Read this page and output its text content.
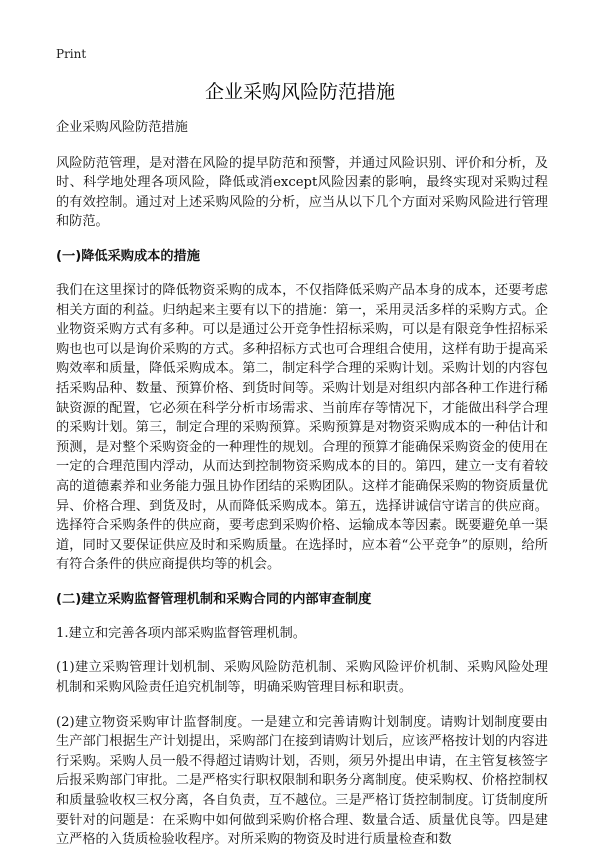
Print
企业采购风险防范措施

企业采购风险防范措施

风险防范管理，是对潜在风险的提早防范和预警，并通过风险识别、评价和分析，及时、科学地处理各项风险，降低或消except风险因素的影响，最终实现对采购过程的有效控制。通过对上述采购风险的分析，应当从以下几个方面对采购风险进行管理和防范。

(一)降低采购成本的措施

我们在这里探讨的降低物资采购的成本，不仅指降低采购产品本身的成本，还要考虑相关方面的利益。归纳起来主要有以下的措施：第一，采用灵活多样的采购方式。企业物资采购方式有多种。可以是通过公开竞争性招标采购，可以是有限竞争性招标采购也也可以是询价采购的方式。多种招标方式也可合理组合使用，这样有助于提高采购效率和质量，降低采购成本。第二，制定科学合理的采购计划。采购计划的内容包括采购品种、数量、预算价格、到货时间等。采购计划是对组织内部各种工作进行稀缺资源的配置，它必须在科学分析市场需求、当前库存等情况下，才能做出科学合理的采购计划。第三，制定合理的采购预算。采购预算是对物资采购成本的一种估计和预测，是对整个采购资金的一种理性的规划。合理的预算才能确保采购资金的使用在一定的合理范围内浮动，从而达到控制物资采购成本的目的。第四，建立一支有着较高的道德素养和业务能力强且协作团结的采购团队。这样才能确保采购的物资质量优异、价格合理、到货及时，从而降低采购成本。第五，选择讲诚信守诺言的供应商。选择符合采购条件的供应商，要考虑到采购价格、运输成本等因素。既要避免单一渠道，同时又要保证供应及时和采购质量。在选择时，应本着“公平竞争”的原则，给所有符合条件的供应商提供均等的机会。

(二)建立采购监督管理机制和采购合同的内部审查制度

1.建立和完善各项内部采购监督管理机制。

(1)建立采购管理计划机制、采购风险防范机制、采购风险评价机制、采购风险处理机制和采购风险责任追究机制等，明确采购管理目标和职责。

(2)建立物资采购审计监督制度。一是建立和完善请购计划制度。请购计划制度要由生产部门根据生产计划提出，采购部门在接到请购计划后，应该严格按计划的内容进行采购。采购人员一般不得超过请购计划，否则，须另外提出申请，在主管复核签字后报采购部门审批。二是严格实行职权限制和职务分离制度。使采购权、价格控制权和质量验收权三权分离，各自负责，互不越位。三是严格订货控制制度。订货制度所要针对的问题是：在采购中如何做到采购价格合理、数量合适、质量优良等。四是建立严格的入货质检验收程序。对所采购的物资及时进行质量检查和数
